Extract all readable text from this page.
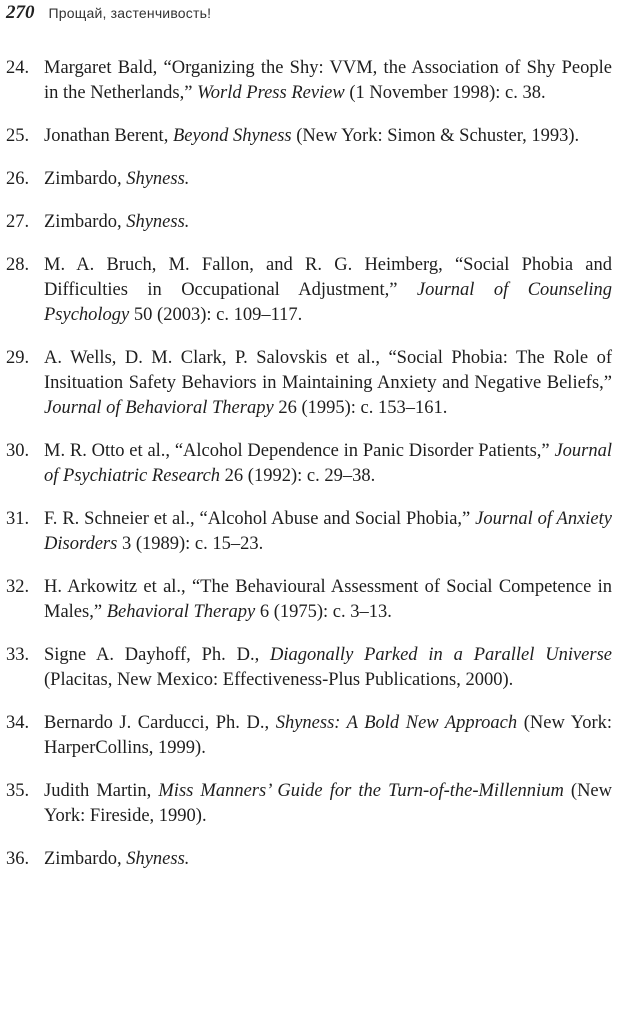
270 Прощай, застенчивость!
24. Margaret Bald, “Organizing the Shy: VVM, the Association of Shy People in the Netherlands,” World Press Review (1 November 1998): c. 38.
25. Jonathan Berent, Beyond Shyness (New York: Simon & Schuster, 1993).
26. Zimbardo, Shyness.
27. Zimbardo, Shyness.
28. M. A. Bruch, M. Fallon, and R. G. Heimberg, “Social Phobia and Difficulties in Occupational Adjustment,” Journal of Counseling Psychology 50 (2003): c. 109–117.
29. A. Wells, D. M. Clark, P. Salovskis et al., “Social Phobia: The Role of Insituation Safety Behaviors in Maintaining Anxiety and Negative Beliefs,” Journal of Behavioral Therapy 26 (1995): c. 153–161.
30. M. R. Otto et al., “Alcohol Dependence in Panic Disorder Patients,” Journal of Psychiatric Research 26 (1992): c. 29–38.
31. F. R. Schneier et al., “Alcohol Abuse and Social Phobia,” Journal of Anxiety Disorders 3 (1989): c. 15–23.
32. H. Arkowitz et al., “The Behavioural Assessment of Social Competence in Males,” Behavioral Therapy 6 (1975): c. 3–13.
33. Signe A. Dayhoff, Ph. D., Diagonally Parked in a Parallel Universe (Placitas, New Mexico: Effectiveness-Plus Publications, 2000).
34. Bernardo J. Carducci, Ph. D., Shyness: A Bold New Approach (New York: HarperCollins, 1999).
35. Judith Martin, Miss Manners’ Guide for the Turn-of-the-Millennium (New York: Fireside, 1990).
36. Zimbardo, Shyness.
